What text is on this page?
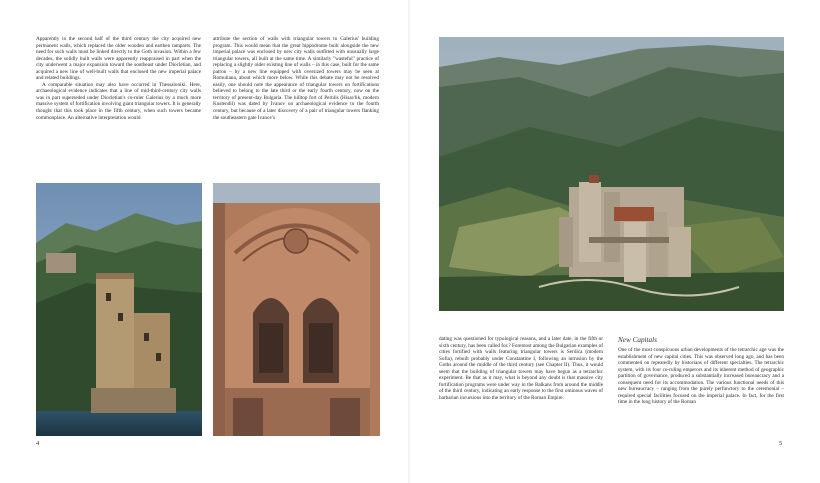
Apparently in the second half of the third century the city acquired new permanent walls, which replaced the older wooden and earthen ramparts. The need for such walls must be linked directly to the Goth invasion. Within a few decades, the solidly built walls were apparently reappraised in part when the city underwent a major expansion toward the southeast under Diocletian, and acquired a new line of well-built walls that enclosed the new imperial palace and related buildings.

A comparable situation may also have occurred in Thessaloniki. Here, archaeological evidence indicates that a line of mid-third-century city walls was in part superseded under Diocletian's co-ruler Galerius by a much more massive system of fortification involving giant triangular towers. It is generally thought that this took place in the fifth century, when such towers became commonplace. An alternative interpretation would

attribute the section of walls with triangular towers to Galerius' building program. This would mean that the great hippodrome built alongside the new imperial palace was enclosed by new city walls outfitted with unusually large triangular towers, all built at the same time. A similarly "wasteful" practice of replacing a slightly older existing line of walls – in this case, built for the same patron – by a new line equipped with oversized towers may be seen at Romuliana, about which more below. While this debate may not be resolved easily, one should note the appearance of triangular towers on fortifications believed to belong to the late third or the early fourth century, now on the territory of present-day Bulgaria. The hilltop fort of Pernlis (Hisar/lik, modern Kustendil) was dated by Ivanov on archaeological evidence to the fourth century, but because of a later discovery of a pair of triangular towers flanking the southeastern gate Ivanov's

4

dating was questioned for typological reasons, and a later date, in the fifth or sixth century, has been called for.? Foremost among the Bulgarian examples of cities fortified with walls featuring triangular towers is Serdica (modern Sofia), rebuilt probably under Constantine I, following an intrusion by the Goths around the middle of the third century (see Chapter II). Thus, it would seem that the building of triangular towers may have begun as a tetrarchic experiment. Be that as it may, what is beyond any doubt is that massive city fortification programs were under way in the Balkans from around the middle of the third century, indicating an early response to the first ominous waves of barbarian incursions into the territory of the Roman Empire.

New Capitals

One of the most conspicuous urban developments of the tetrarchic age was the establishment of new capital cities. This was observed long ago, and has been commented on repeatedly by historians of different specialties. The tetrarchic system, with its four co-ruling emperors and its inherent method of geographic partition of governance, produced a substantially increased bureaucracy and a consequent need for its accommodation. The various functional needs of this new bureaucracy – ranging from the purely perfunctory to the ceremonial – required special facilities focused on the imperial palace. In fact, for the first time in the long history of the Roman

5
